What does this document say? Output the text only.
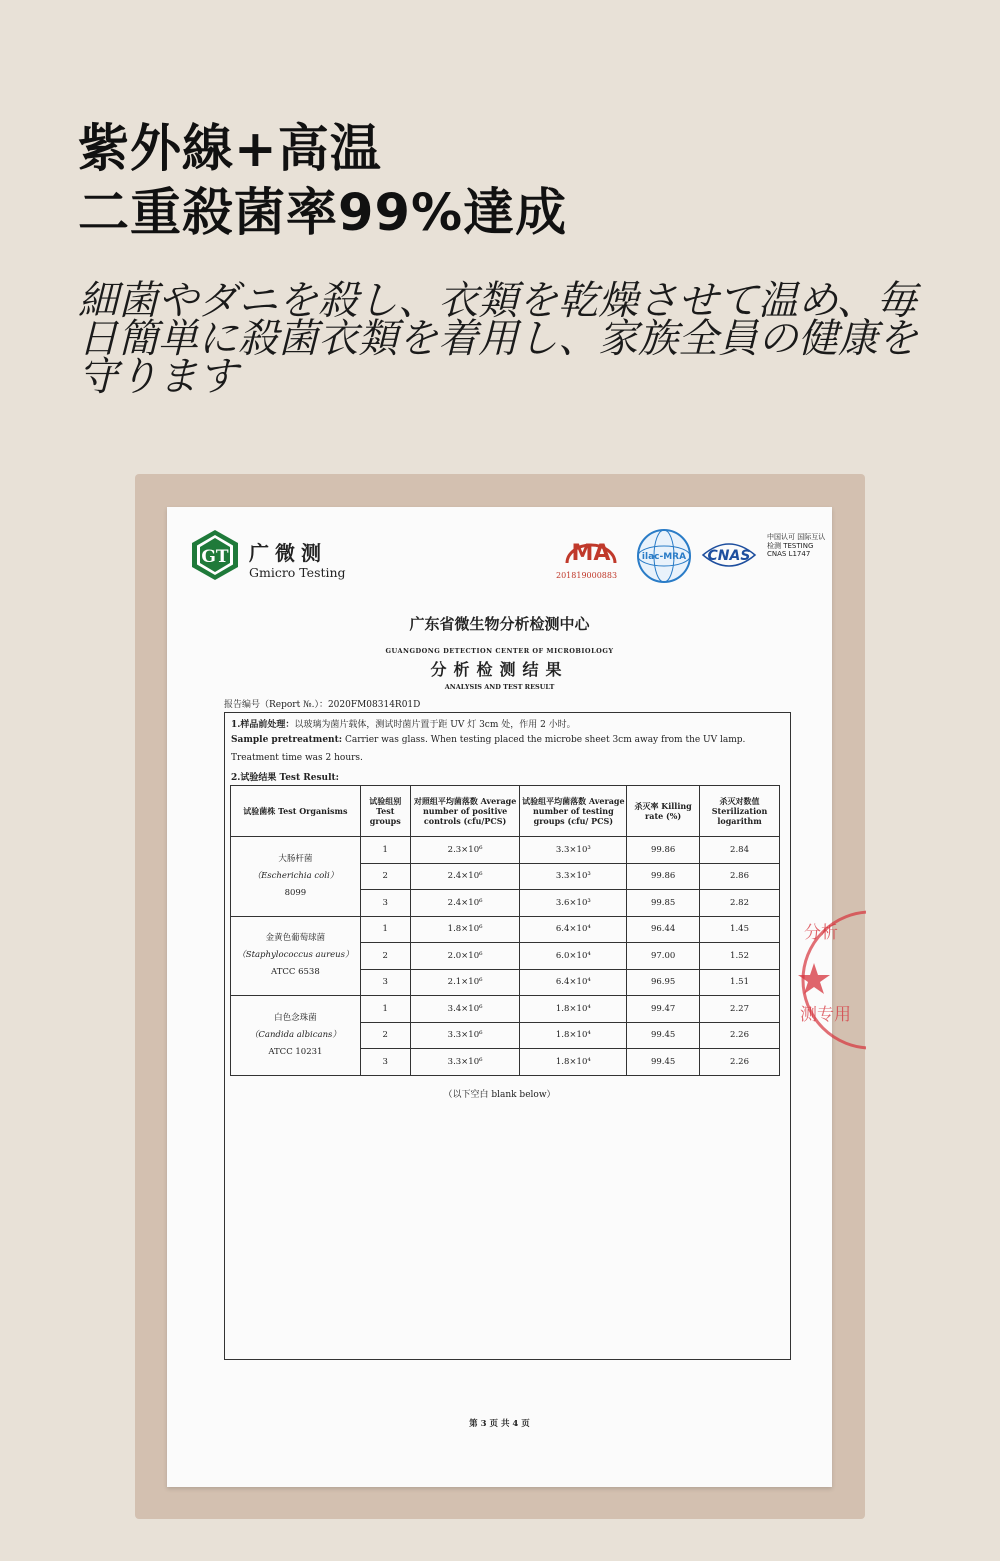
紫外線+高温
二重殺菌率99%達成
細菌やダニを殺し、衣類を乾燥させて温め、毎日簡単に殺菌衣類を着用し、家族全員の健康を守ります
GT 广微测
Gmicro Testing
MA
201819000883
ilac-MRA CNAS
中国认可 国际互认 检测 TESTING CNAS L1747
广东省微生物分析检测中心
GUANGDONG DETECTION CENTER OF MICROBIOLOGY
分析检测结果
ANALYSIS AND TEST RESULT
报告编号（Report №.）：2020FM08314R01D
1.样品前处理：以玻璃为菌片载体，测试时菌片置于距 UV 灯 3cm 处，作用 2 小时。
Sample pretreatment: Carrier was glass. When testing placed the microbe sheet 3cm away from the UV lamp.
Treatment time was 2 hours.
2.试验结果 Test Result:
试验菌株 Test Organisms	试验组别 Test groups	对照组平均菌落数 Average number of positive controls (cfu/PCS)	试验组平均菌落数 Average number of testing groups (cfu/ PCS)	杀灭率 Killing rate (%)	杀灭对数值 Sterilization logarithm

大肠杆菌
（Escherichia coli）
8099	1	2.3×10⁶	3.3×10³	99.86	2.84
	2	2.4×10⁶	3.3×10³	99.86	2.86
	3	2.4×10⁶	3.6×10³	99.85	2.82

金黄色葡萄球菌
（Staphylococcus aureus）
ATCC 6538	1	1.8×10⁶	6.4×10⁴	96.44	1.45
	2	2.0×10⁶	6.0×10⁴	97.00	1.52
	3	2.1×10⁶	6.4×10⁴	96.95	1.51

白色念珠菌
（Candida albicans）
ATCC 10231	1	3.4×10⁶	1.8×10⁴	99.47	2.27
	2	3.3×10⁶	1.8×10⁴	99.45	2.26
	3	3.3×10⁶	1.8×10⁴	99.45	2.26
（以下空白 blank below）
第 3 页 共 4 页
分析
测专用
